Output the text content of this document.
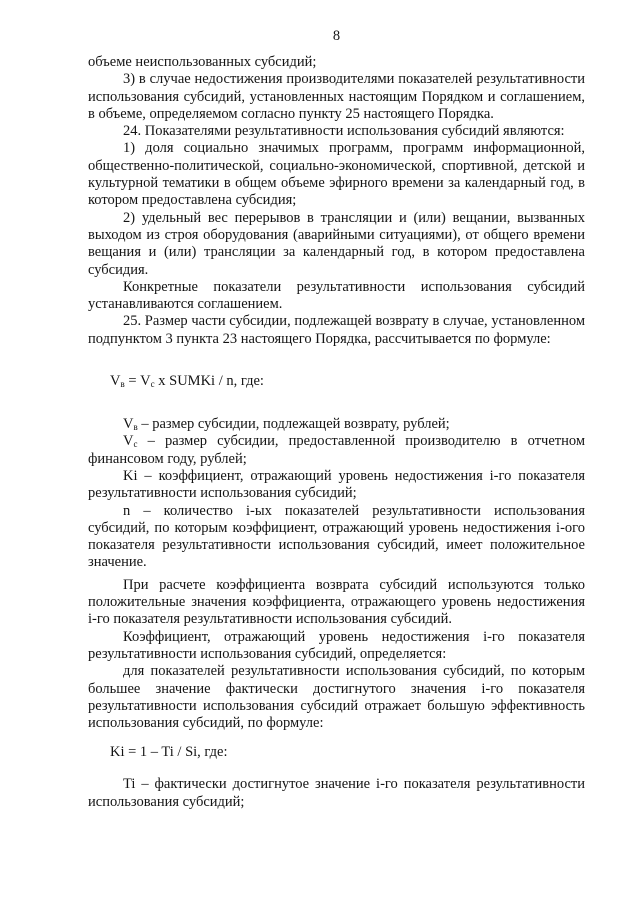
8

объеме неиспользованных субсидий;

3) в случае недостижения производителями показателей результативности использования субсидий, установленных настоящим Порядком и соглашением, в объеме, определяемом согласно пункту 25 настоящего Порядка.

24. Показателями результативности использования субсидий являются:

1) доля социально значимых программ, программ информационной, общественно-политической, социально-экономической, спортивной, детской и культурной тематики в общем объеме эфирного времени за календарный год, в котором предоставлена субсидия;

2) удельный вес перерывов в трансляции и (или) вещании, вызванных выходом из строя оборудования (аварийными ситуациями), от общего времени вещания и (или) трансляции за календарный год, в котором предоставлена субсидия.

Конкретные показатели результативности использования субсидий устанавливаются соглашением.

25. Размер части субсидии, подлежащей возврату в случае, установленном подпунктом 3 пункта 23 настоящего Порядка, рассчитывается по формуле:

$V_в = V_с$ x SUMKi / n, где:

$V_в$ – размер субсидии, подлежащей возврату, рублей;

$V_с$ – размер субсидии, предоставленной производителю в отчетном финансовом году, рублей;

Ki – коэффициент, отражающий уровень недостижения i-го показателя результативности использования субсидий;

n – количество i-ых показателей результативности использования субсидий, по которым коэффициент, отражающий уровень недостижения i-ого показателя результативности использования субсидий, имеет положительное значение.

При расчете коэффициента возврата субсидий используются только положительные значения коэффициента, отражающего уровень недостижения i-го показателя результативности использования субсидий.

Коэффициент, отражающий уровень недостижения i-го показателя результативности использования субсидий, определяется:

для показателей результативности использования субсидий, по которым большее значение фактически достигнутого значения i-го показателя результативности использования субсидий отражает большую эффективность использования субсидий, по формуле:

Ki = 1 – Ti / Si, где:

Ti – фактически достигнутое значение i-го показателя результативности использования субсидий;
